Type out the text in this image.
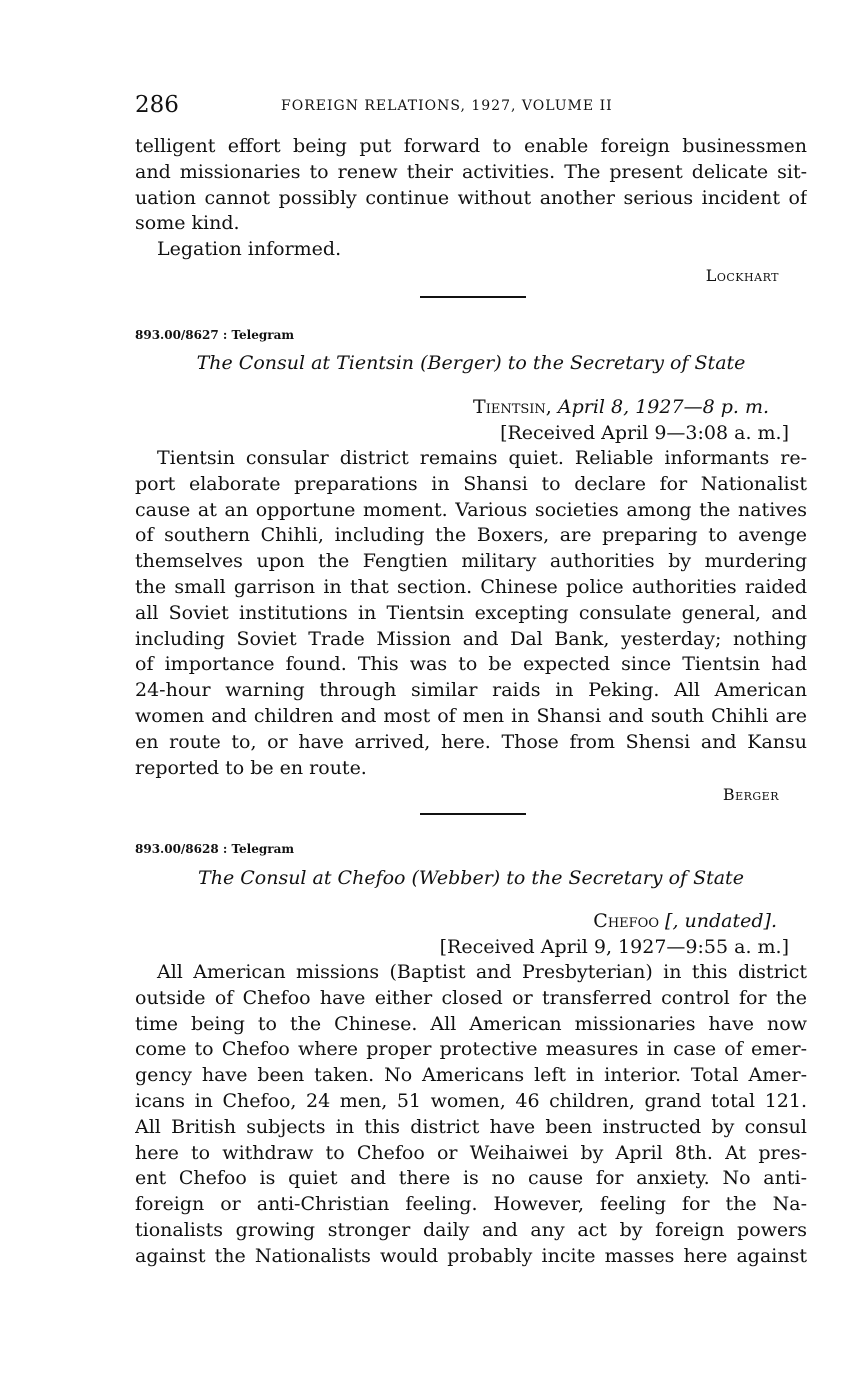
286	FOREIGN RELATIONS, 1927, VOLUME II
telligent effort being put forward to enable foreign businessmen
and missionaries to renew their activities. The present delicate sit-
uation cannot possibly continue without another serious incident of
some kind.
Legation informed.
Lockhart
893.00/8627 : Telegram
The Consul at Tientsin (Berger) to the Secretary of State
Tientsin, April 8, 1927—8 p. m.
[Received April 9—3:08 a. m.]
Tientsin consular district remains quiet. Reliable informants re-
port elaborate preparations in Shansi to declare for Nationalist
cause at an opportune moment. Various societies among the natives
of southern Chihli, including the Boxers, are preparing to avenge
themselves upon the Fengtien military authorities by murdering
the small garrison in that section. Chinese police authorities raided
all Soviet institutions in Tientsin excepting consulate general, and
including Soviet Trade Mission and Dal Bank, yesterday; nothing
of importance found. This was to be expected since Tientsin had
24-hour warning through similar raids in Peking. All American
women and children and most of men in Shansi and south Chihli are
en route to, or have arrived, here. Those from Shensi and Kansu
reported to be en route.
Berger
893.00/8628 : Telegram
The Consul at Chefoo (Webber) to the Secretary of State
Chefoo [, undated].
[Received April 9, 1927—9:55 a. m.]
All American missions (Baptist and Presbyterian) in this district
outside of Chefoo have either closed or transferred control for the
time being to the Chinese. All American missionaries have now
come to Chefoo where proper protective measures in case of emer-
gency have been taken. No Americans left in interior. Total Amer-
icans in Chefoo, 24 men, 51 women, 46 children, grand total 121.
All British subjects in this district have been instructed by consul
here to withdraw to Chefoo or Weihaiwei by April 8th. At pres-
ent Chefoo is quiet and there is no cause for anxiety. No anti-
foreign or anti-Christian feeling. However, feeling for the Na-
tionalists growing stronger daily and any act by foreign powers
against the Nationalists would probably incite masses here against
